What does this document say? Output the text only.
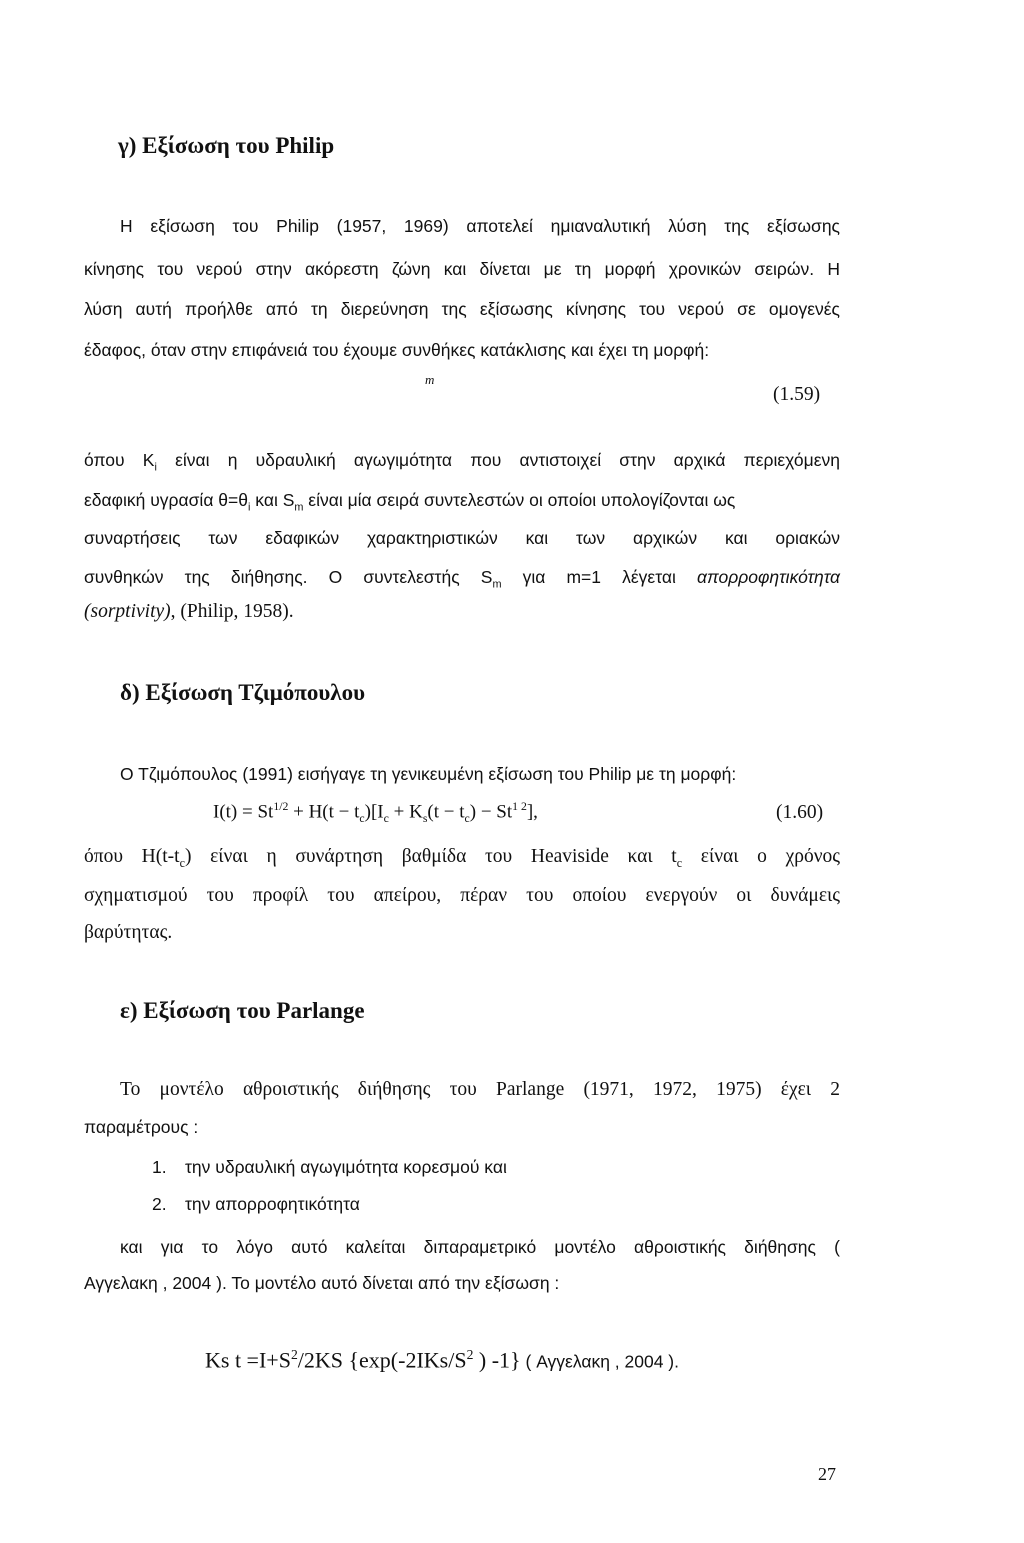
γ) Εξίσωση του Philip
Η εξίσωση του Philip (1957, 1969) αποτελεί ημιαναλυτική λύση της εξίσωσης
κίνησης του νερού στην ακόρεστη ζώνη και δίνεται με τη μορφή χρονικών σειρών. Η
λύση αυτή προήλθε από τη διερεύνηση της εξίσωσης κίνησης του νερού σε ομογενές
έδαφος, όταν στην επιφάνειά του έχουμε συνθήκες κατάκλισης και έχει τη μορφή:
m
(1.59)
όπου $K_i$ είναι η υδραυλική αγωγιμότητα που αντιστοιχεί στην αρχικά περιεχόμενη
εδαφική υγρασία $\theta=\theta_i$ και $S_m$ είναι μία σειρά συντελεστών οι οποίοι υπολογίζονται ως
συναρτήσεις των εδαφικών χαρακτηριστικών και των αρχικών και οριακών
συνθηκών της διήθησης. Ο συντελεστής $S_m$ για m=1 λέγεται απορροφητικότητα
(sorptivity), (Philip, 1958).
δ) Εξίσωση Τζιμόπουλου
Ο Τζιμόπουλος (1991) εισήγαγε τη γενικευμένη εξίσωση του Philip με τη μορφή:
$I(t) = St^{1/2} + H(t - t_c)[I_c + K_s(t - t_c) - St^{1 2}]$,	(1.60)
όπου $H(t-t_c)$ είναι η συνάρτηση βαθμίδα του Heaviside και $t_c$ είναι ο χρόνος
σχηματισμού του προφίλ του απείρου, πέραν του οποίου ενεργούν οι δυνάμεις
βαρύτητας.
ε) Εξίσωση του Parlange
Το μοντέλο αθροιστικής διήθησης του Parlange (1971, 1972, 1975) έχει 2
παραμέτρους :
1. την υδραυλική αγωγιμότητα κορεσμού και
2. την απορροφητικότητα
και για το λόγο αυτό καλείται διπαραμετρικό μοντέλο αθροιστικής διήθησης (
Αγγελακη , 2004 ). Το μοντέλο αυτό δίνεται από την εξίσωση :
Ks $t =I+S^2/2KS$ {$\exp(-2IKs/S^2$ ) -1} ( Αγγελακη , 2004 ).
27
